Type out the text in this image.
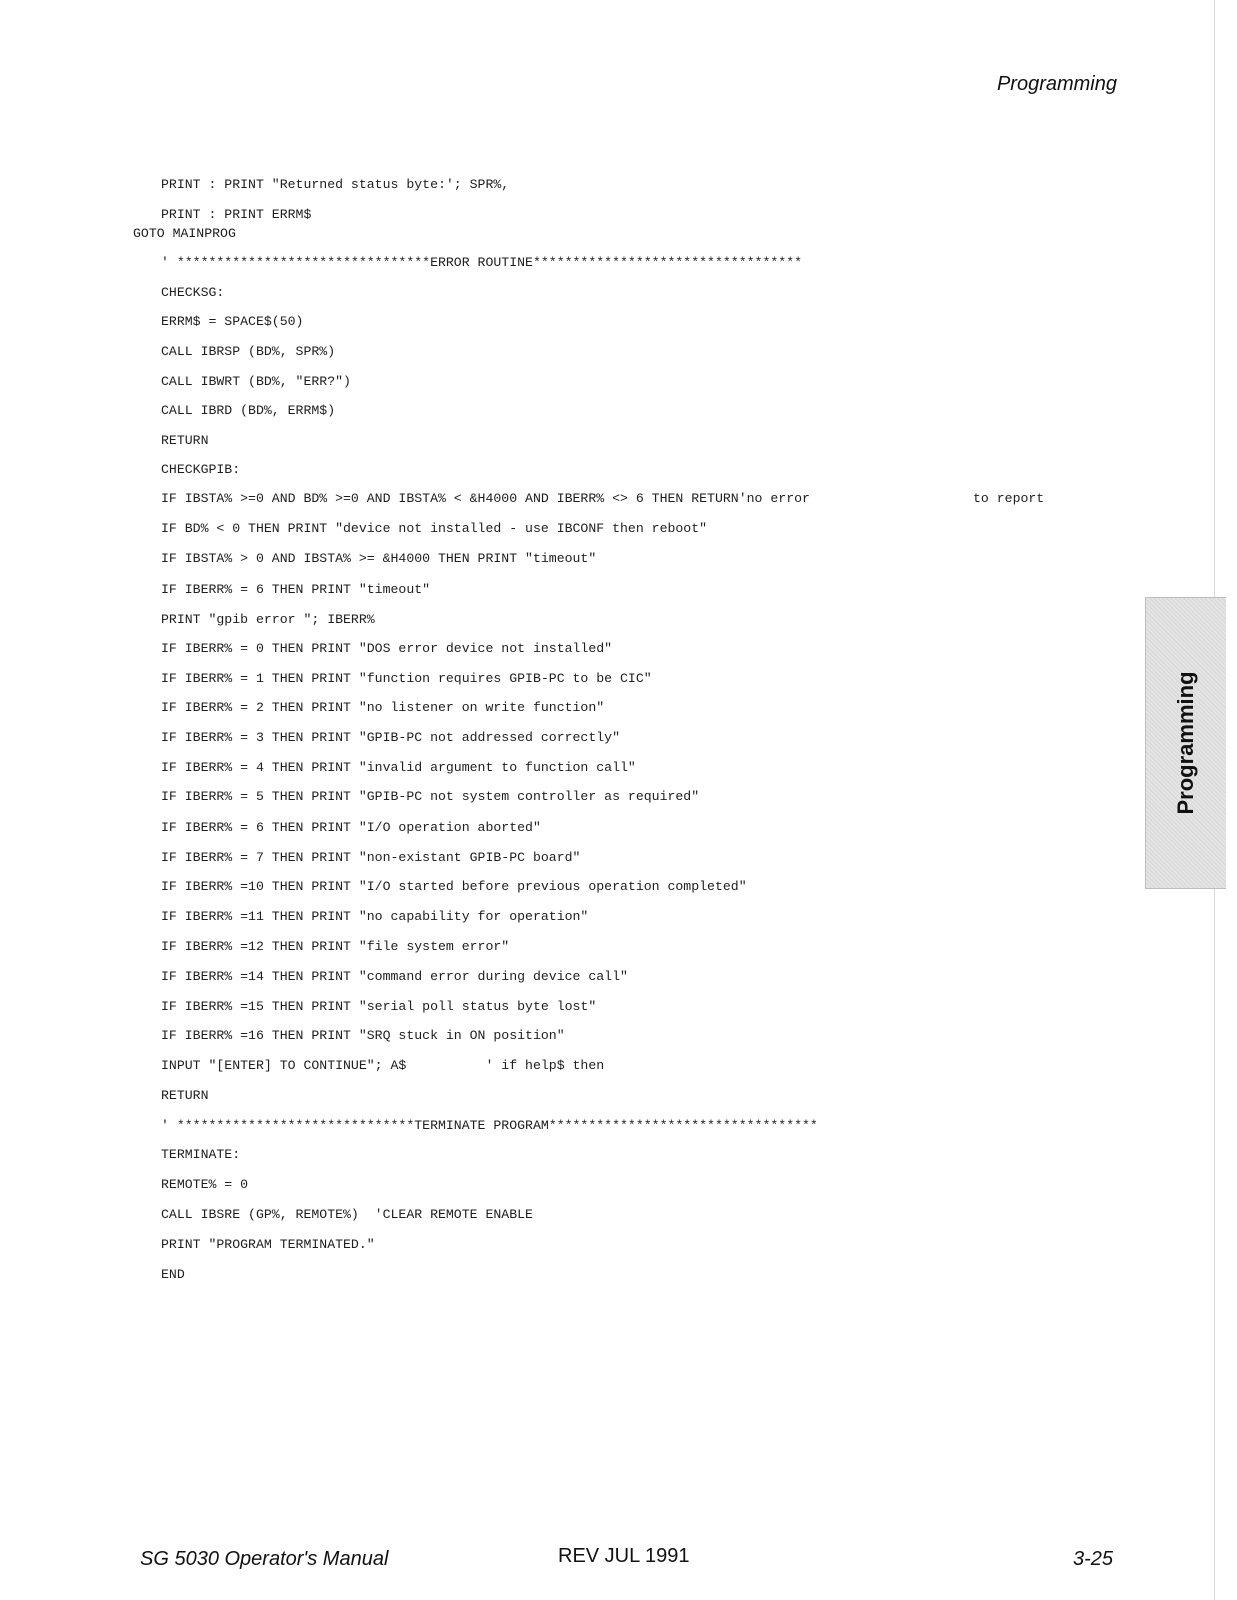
Programming
PRINT : PRINT "Returned status byte:'; SPR%,
PRINT : PRINT ERRM$
GOTO MAINPROG
' ********************************ERROR ROUTINE**********************************
CHECKSG:
ERRM$ = SPACE$(50)
CALL IBRSP (BD%, SPR%)
CALL IBWRT (BD%, "ERR?")
CALL IBRD (BD%, ERRM$)
RETURN
CHECKGPIB:
IF IBSTA% >=0 AND BD% >=0 AND IBSTA% < &H4000 AND IBERR% <> 6 THEN RETURN'no error
IF BD% < 0 THEN PRINT "device not installed - use IBCONF then reboot"
IF IBSTA% > 0 AND IBSTA% >= &H4000 THEN PRINT "timeout"
IF IBERR% = 6 THEN PRINT "timeout"
PRINT "gpib error "; IBERR%
IF IBERR% = 0 THEN PRINT "DOS error device not installed"
IF IBERR% = 1 THEN PRINT "function requires GPIB-PC to be CIC"
IF IBERR% = 2 THEN PRINT "no listener on write function"
IF IBERR% = 3 THEN PRINT "GPIB-PC not addressed correctly"
IF IBERR% = 4 THEN PRINT "invalid argument to function call"
IF IBERR% = 5 THEN PRINT "GPIB-PC not system controller as required"
IF IBERR% = 6 THEN PRINT "I/O operation aborted"
IF IBERR% = 7 THEN PRINT "non-existant GPIB-PC board"
IF IBERR% =10 THEN PRINT "I/O started before previous operation completed"
IF IBERR% =11 THEN PRINT "no capability for operation"
IF IBERR% =12 THEN PRINT "file system error"
IF IBERR% =14 THEN PRINT "command error during device call"
IF IBERR% =15 THEN PRINT "serial poll status byte lost"
IF IBERR% =16 THEN PRINT "SRQ stuck in ON position"
INPUT "[ENTER] TO CONTINUE"; A$          ' if help$ then
RETURN
' ******************************TERMINATE PROGRAM**********************************
TERMINATE:
REMOTE% = 0
CALL IBSRE (GP%, REMOTE%)  'CLEAR REMOTE ENABLE
PRINT "PROGRAM TERMINATED."
END
to report
Programming
SG 5030 Operator's Manual	REV JUL 1991	3-25
